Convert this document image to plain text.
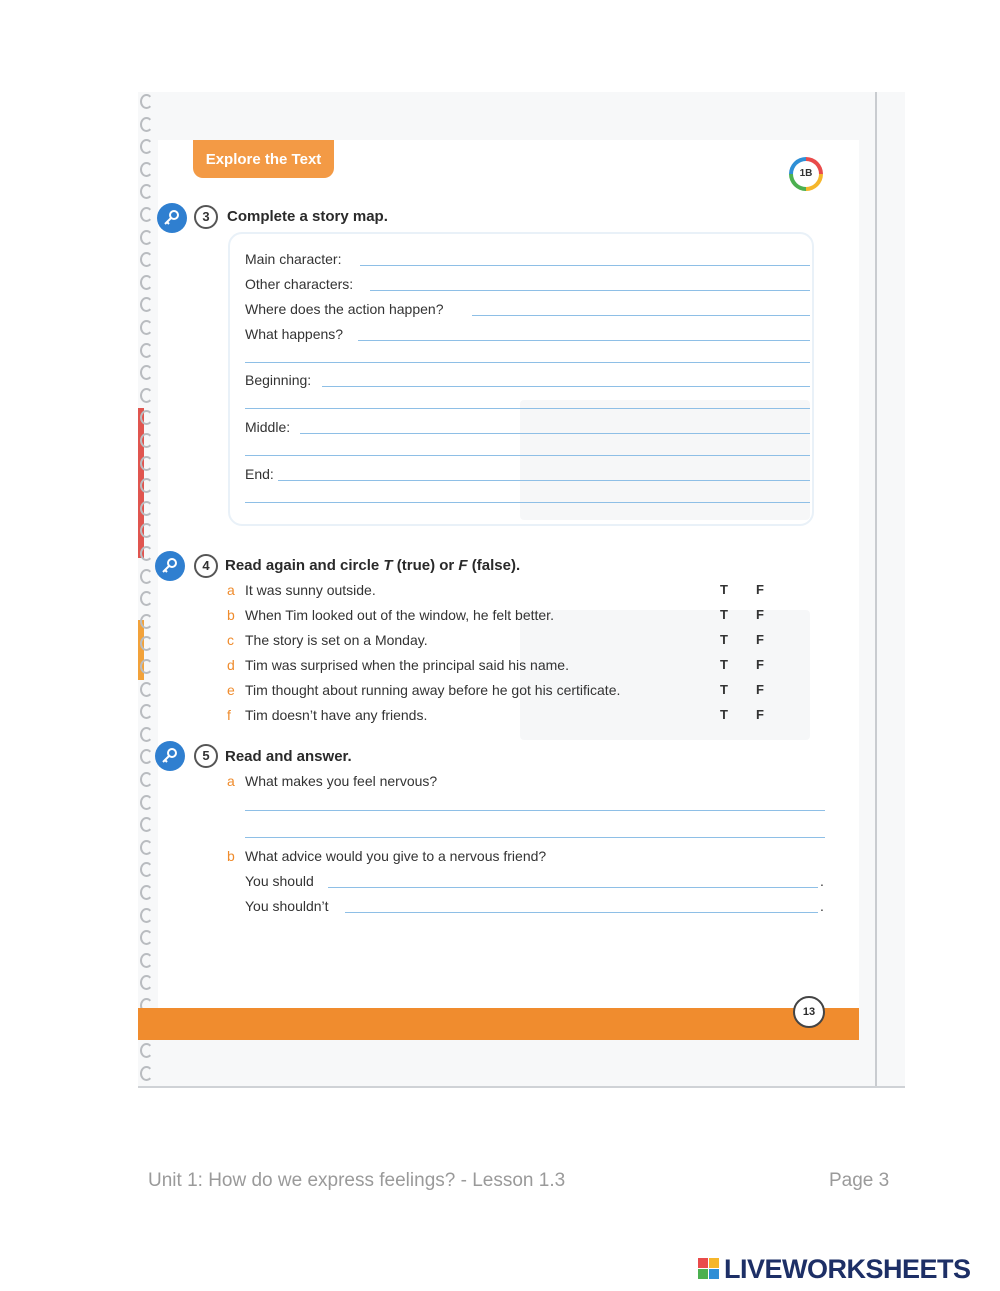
Explore the Text
1B
3	Complete a story map.
Main character:
Other characters:
Where does the action happen?
What happens?
Beginning:
Middle:
End:
4	Read again and circle T (true) or F (false).
a It was sunny outside.	T F
b When Tim looked out of the window, he felt better.	T F
c The story is set on a Monday.	T F
d Tim was surprised when the principal said his name.	T F
e Tim thought about running away before he got his certificate.	T F
f Tim doesn’t have any friends.	T F
5	Read and answer.
a What makes you feel nervous?
b What advice would you give to a nervous friend?
You should	.
You shouldn’t	.
13
Unit 1: How do we express feelings? - Lesson 1.3	Page 3
LIVEWORKSHEETS
